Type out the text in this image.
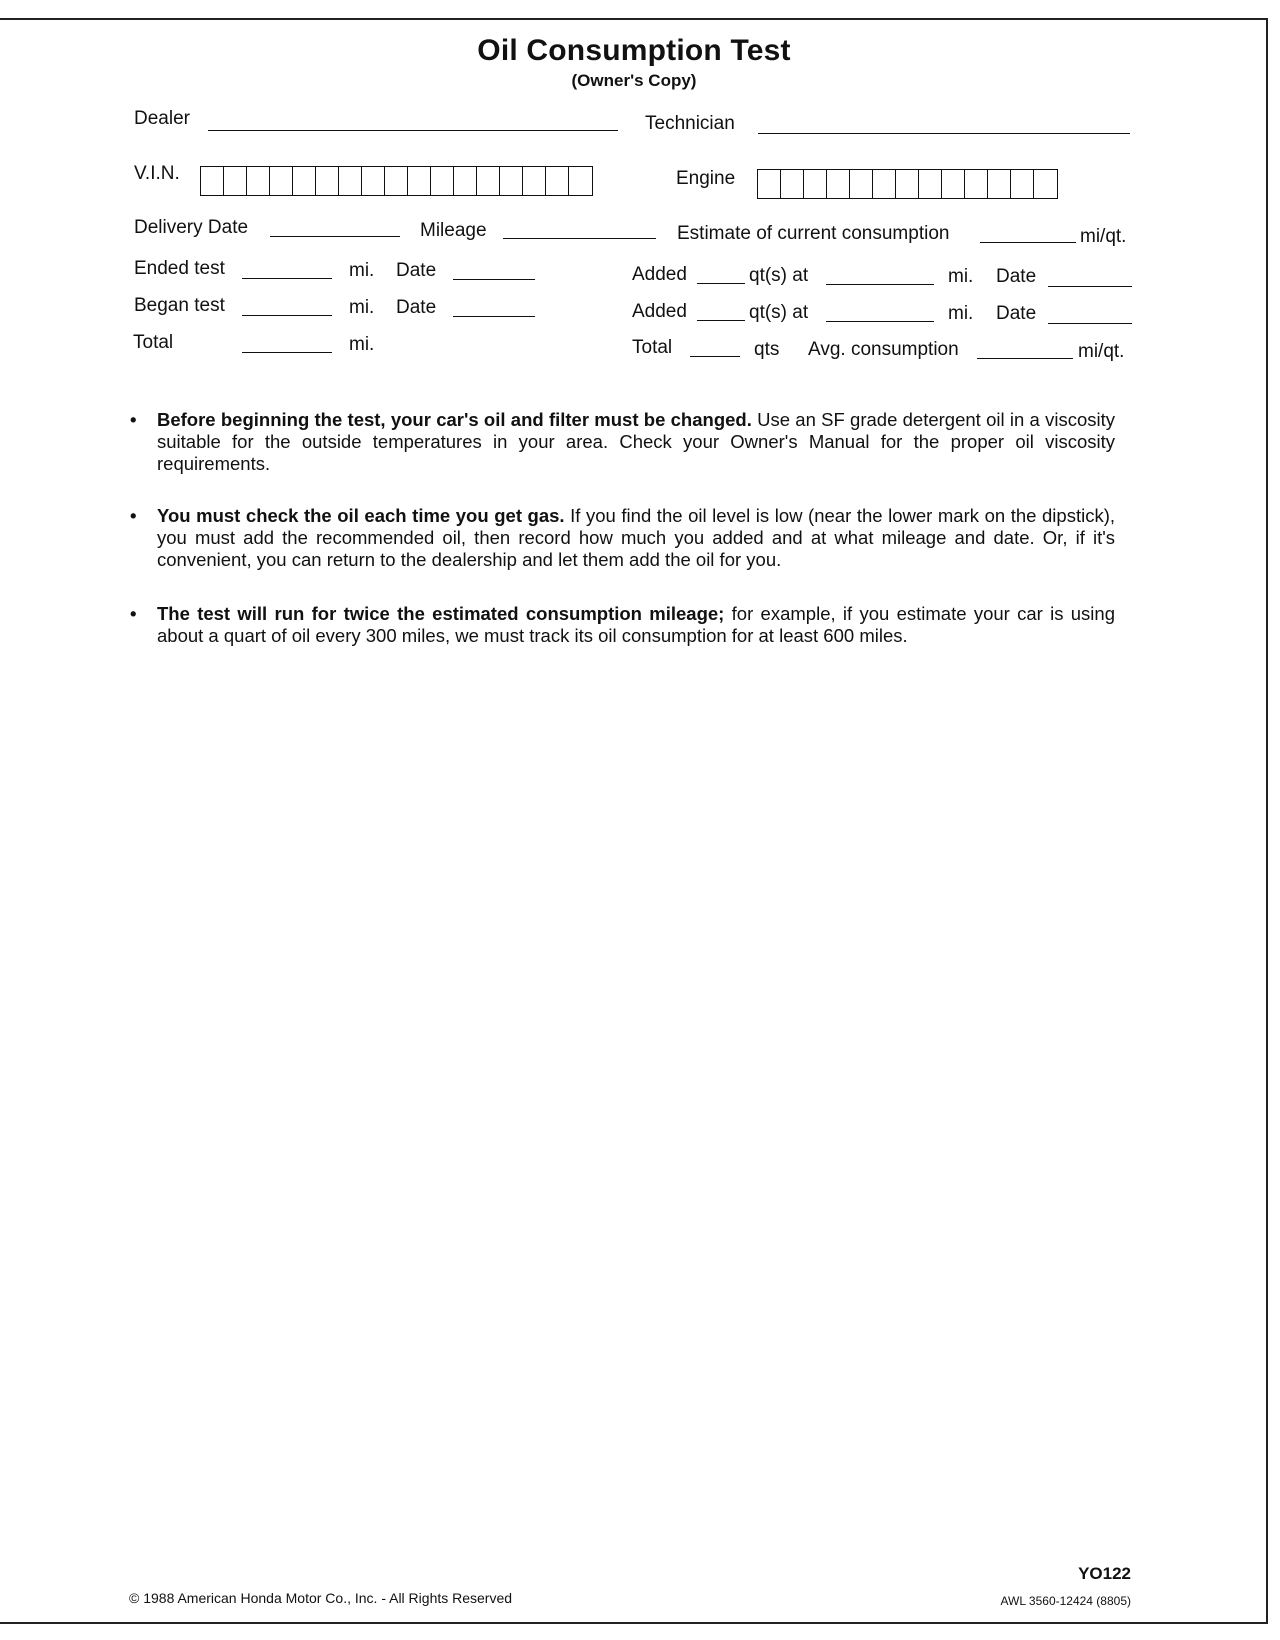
Oil Consumption Test
(Owner's Copy)
Dealer	Technician
V.I.N.	Engine
Delivery Date	Mileage	Estimate of current consumption	mi/qt.
Ended test	mi. Date	Added	qt(s) at	mi. Date
Began test	mi. Date	Added	qt(s) at	mi. Date
Total	mi.	Total	qts Avg. consumption	mi/qt.
• Before beginning the test, your car's oil and filter must be changed. Use an SF grade detergent oil in a viscosity suitable for the outside temperatures in your area. Check your Owner's Manual for the proper oil viscosity requirements.
• You must check the oil each time you get gas. If you find the oil level is low (near the lower mark on the dipstick), you must add the recommended oil, then record how much you added and at what mileage and date. Or, if it's convenient, you can return to the dealership and let them add the oil for you.
• The test will run for twice the estimated consumption mileage; for example, if you estimate your car is using about a quart of oil every 300 miles, we must track its oil consumption for at least 600 miles.
© 1988 American Honda Motor Co., Inc. - All Rights Reserved
YO122
AWL 3560-12424 (8805)
